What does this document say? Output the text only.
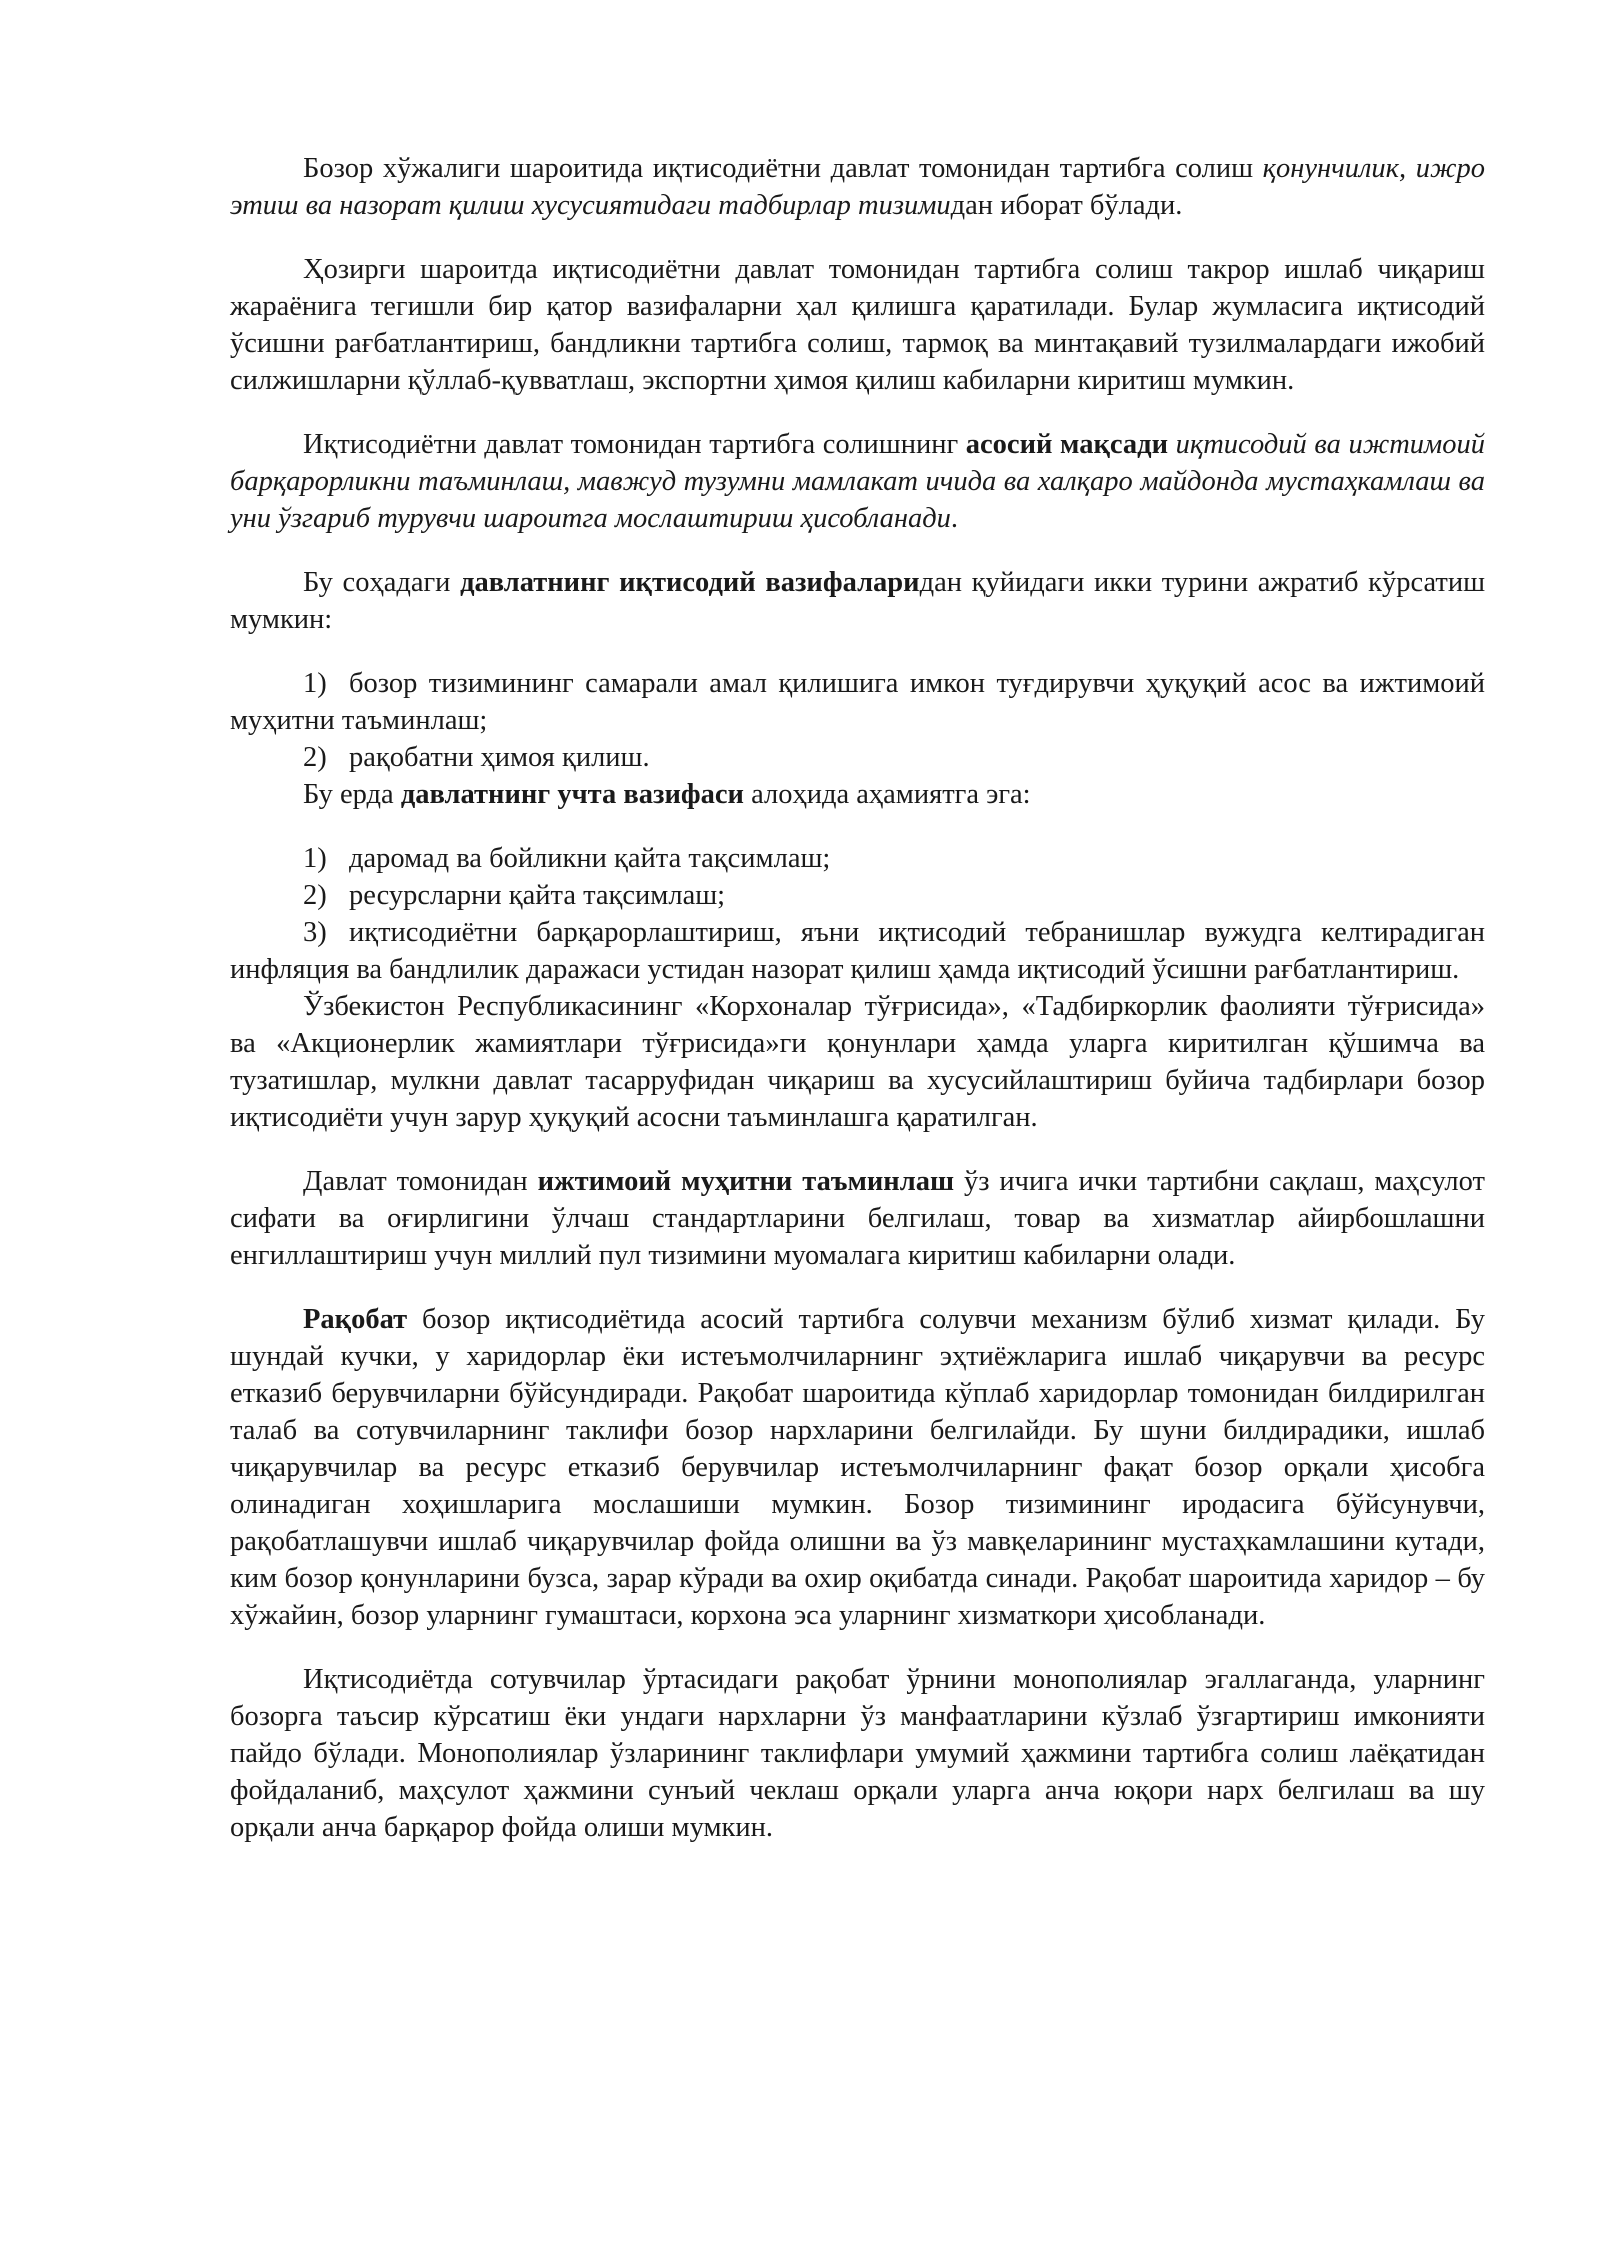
Бозор хўжалиги шароитида иқтисодиётни давлат томонидан тартибга солиш қонунчилик, ижро этиш ва назорат қилиш хусусиятидаги тадбирлар тизимидан иборат бўлади.

Ҳозирги шароитда иқтисодиётни давлат томонидан тартибга солиш такрор ишлаб чиқариш жараёнига тегишли бир қатор вазифаларни ҳал қилишга қаратилади. Булар жумласига иқтисодий ўсишни рағбатлантириш, бандликни тартибга солиш, тармоқ ва минтақавий тузилмалардаги ижобий силжишларни қўллаб-қувватлаш, экспортни ҳимоя қилиш кабиларни киритиш мумкин.

Иқтисодиётни давлат томонидан тартибга солишнинг асосий мақсади иқтисодий ва ижтимоий барқарорликни таъминлаш, мавжуд тузумни мамлакат ичида ва халқаро майдонда мустаҳкамлаш ва уни ўзгариб турувчи шароитга мослаштириш ҳисобланади.

Бу соҳадаги давлатнинг иқтисодий вазифаларидан қуйидаги икки турини ажратиб кўрсатиш мумкин:

1) бозор тизимининг самарали амал қилишига имкон туғдирувчи ҳуқуқий асос ва ижтимоий муҳитни таъминлаш;

2) рақобатни ҳимоя қилиш.

Бу ерда давлатнинг учта вазифаси алоҳида аҳамиятга эга:

1) даромад ва бойликни қайта тақсимлаш;

2) ресурсларни қайта тақсимлаш;

3) иқтисодиётни барқарорлаштириш, яъни иқтисодий тебранишлар вужудга келтирадиган инфляция ва бандлилик даражаси устидан назорат қилиш ҳамда иқтисодий ўсишни рағбатлантириш.

Ўзбекистон Республикасининг «Корхоналар тўғрисида», «Тадбиркорлик фаолияти тўғрисида» ва «Акционерлик жамиятлари тўғрисида»ги қонунлари ҳамда уларга киритилган қўшимча ва тузатишлар, мулкни давлат тасарруфидан чиқариш ва хусусийлаштириш буйича тадбирлари бозор иқтисодиёти учун зарур ҳуқуқий асосни таъминлашга қаратилган.

Давлат томонидан ижтимоий муҳитни таъминлаш ўз ичига ички тартибни сақлаш, маҳсулот сифати ва оғирлигини ўлчаш стандартларини белгилаш, товар ва хизматлар айирбошлашни енгиллаштириш учун миллий пул тизимини муомалага киритиш кабиларни олади.

Рақобат бозор иқтисодиётида асосий тартибга солувчи механизм бўлиб хизмат қилади. Бу шундай кучки, у харидорлар ёки истеъмолчиларнинг эҳтиёжларига ишлаб чиқарувчи ва ресурс етказиб берувчиларни бўйсундиради. Рақобат шароитида кўплаб харидорлар томонидан билдирилган талаб ва сотувчиларнинг таклифи бозор нархларини белгилайди. Бу шуни билдирадики, ишлаб чиқарувчилар ва ресурс етказиб берувчилар истеъмолчиларнинг фақат бозор орқали ҳисобга олинадиган хоҳишларига мослашиши мумкин. Бозор тизимининг иродасига бўйсунувчи, рақобатлашувчи ишлаб чиқарувчилар фойда олишни ва ўз мавқеларининг мустаҳкамлашини кутади, ким бозор қонунларини бузса, зарар кўради ва охир оқибатда синади. Рақобат шароитида харидор – бу хўжайин, бозор уларнинг гумаштаси, корхона эса уларнинг хизматкори ҳисобланади.

Иқтисодиётда сотувчилар ўртасидаги рақобат ўрнини монополиялар эгаллаганда, уларнинг бозорга таъсир кўрсатиш ёки ундаги нархларни ўз манфаатларини кўзлаб ўзгартириш имконияти пайдо бўлади. Монополиялар ўзларининг таклифлари умумий ҳажмини тартибга солиш лаёқатидан фойдаланиб, маҳсулот ҳажмини сунъий чеклаш орқали уларга анча юқори нарх белгилаш ва шу орқали анча барқарор фойда олиши мумкин.
